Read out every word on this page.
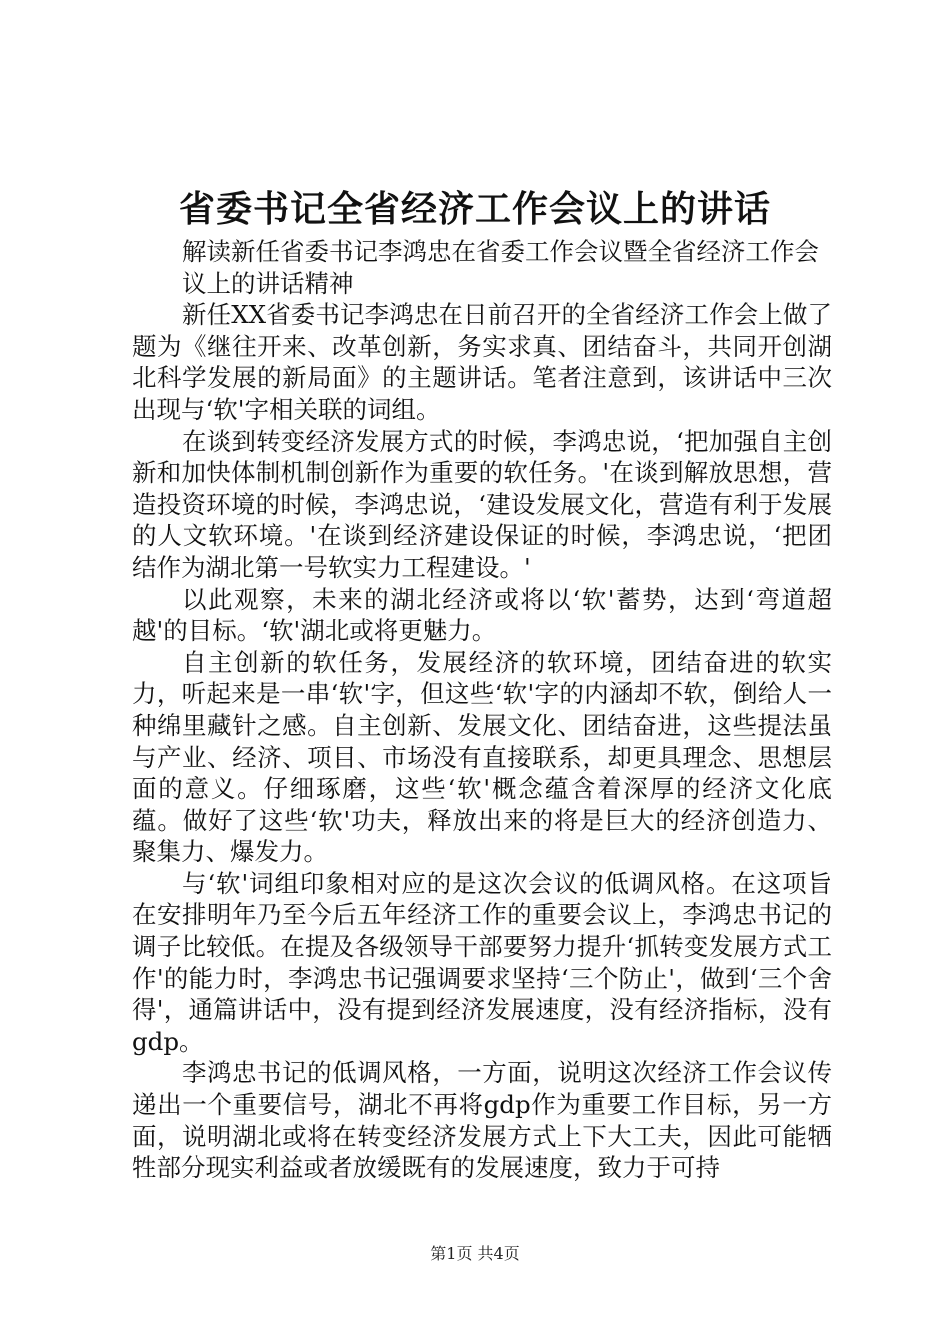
省委书记全省经济工作会议上的讲话

解读新任省委书记李鸿忠在省委工作会议暨全省经济工作会

议上的讲话精神

新任XX省委书记李鸿忠在日前召开的全省经济工作会上做了题为《继往开来、改革创新，务实求真、团结奋斗，共同开创湖北科学发展的新局面》的主题讲话。笔者注意到，该讲话中三次出现与‘软'字相关联的词组。

在谈到转变经济发展方式的时候，李鸿忠说，‘把加强自主创新和加快体制机制创新作为重要的软任务。'在谈到解放思想，营造投资环境的时候，李鸿忠说，‘建设发展文化，营造有利于发展的人文软环境。'在谈到经济建设保证的时候，李鸿忠说，‘把团结作为湖北第一号软实力工程建设。'

以此观察，未来的湖北经济或将以‘软'蓄势，达到‘弯道超越'的目标。‘软'湖北或将更魅力。

自主创新的软任务，发展经济的软环境，团结奋进的软实力，听起来是一串‘软'字，但这些‘软'字的内涵却不软，倒给人一种绵里藏针之感。自主创新、发展文化、团结奋进，这些提法虽与产业、经济、项目、市场没有直接联系，却更具理念、思想层面的意义。仔细琢磨，这些‘软'概念蕴含着深厚的经济文化底蕴。做好了这些‘软'功夫，释放出来的将是巨大的经济创造力、聚集力、爆发力。

与‘软'词组印象相对应的是这次会议的低调风格。在这项旨在安排明年乃至今后五年经济工作的重要会议上，李鸿忠书记的调子比较低。在提及各级领导干部要努力提升‘抓转变发展方式工作'的能力时，李鸿忠书记强调要求坚持‘三个防止'，做到‘三个舍得'，通篇讲话中，没有提到经济发展速度，没有经济指标，没有gdp。

李鸿忠书记的低调风格，一方面，说明这次经济工作会议传递出一个重要信号，湖北不再将gdp作为重要工作目标，另一方面，说明湖北或将在转变经济发展方式上下大工夫，因此可能牺牲部分现实利益或者放缓既有的发展速度，致力于可持

第1页 共4页
